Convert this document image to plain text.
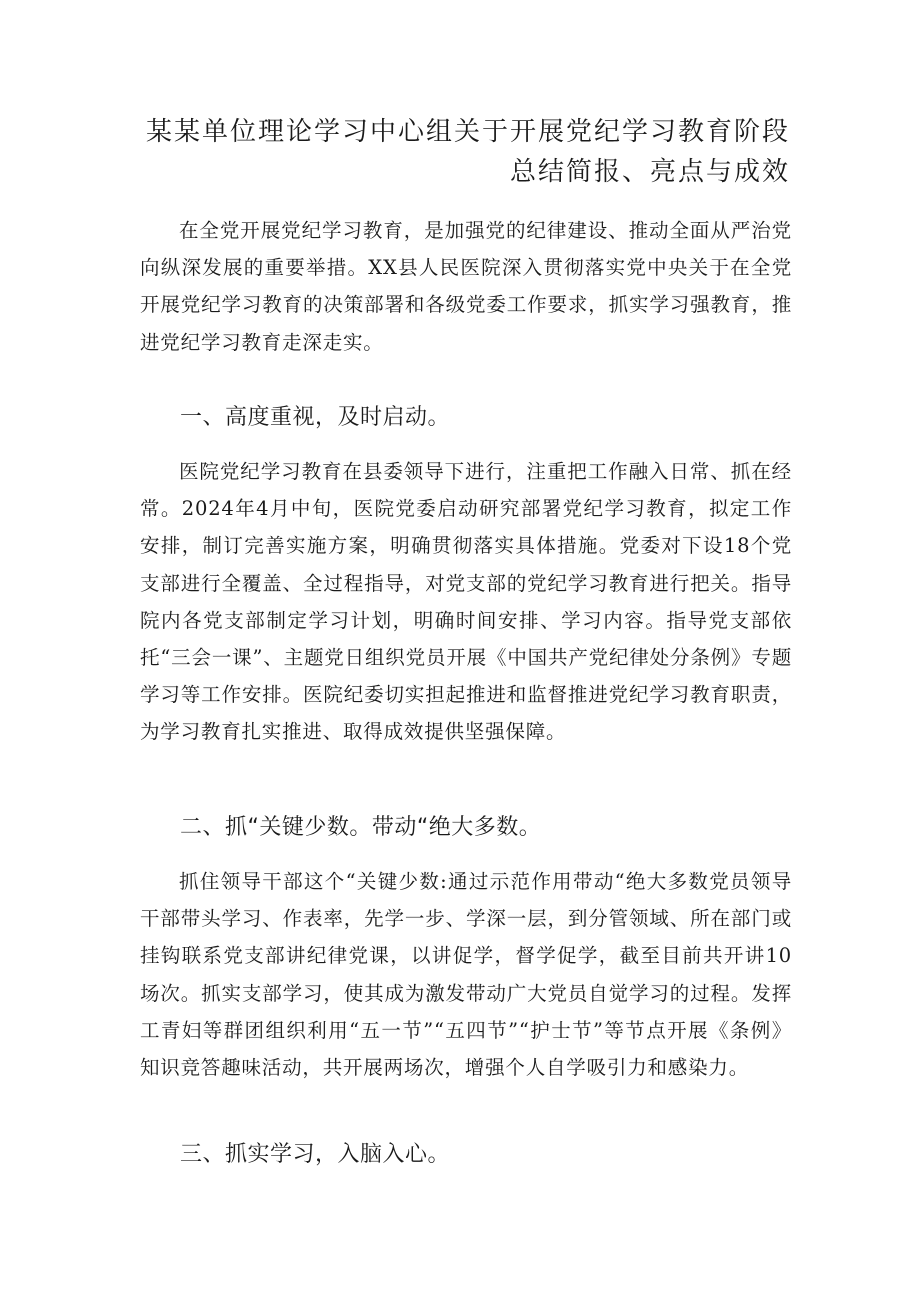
某某单位理论学习中心组关于开展党纪学习教育阶段总结简报、亮点与成效

在全党开展党纪学习教育，是加强党的纪律建设、推动全面从严治党向纵深发展的重要举措。XX县人民医院深入贯彻落实党中央关于在全党开展党纪学习教育的决策部署和各级党委工作要求，抓实学习强教育，推进党纪学习教育走深走实。

一、高度重视，及时启动。

医院党纪学习教育在县委领导下进行，注重把工作融入日常、抓在经常。2024年4月中旬，医院党委启动研究部署党纪学习教育，拟定工作安排，制订完善实施方案，明确贯彻落实具体措施。党委对下设18个党支部进行全覆盖、全过程指导，对党支部的党纪学习教育进行把关。指导院内各党支部制定学习计划，明确时间安排、学习内容。指导党支部依托“三会一课”、主题党日组织党员开展《中国共产党纪律处分条例》专题学习等工作安排。医院纪委切实担起推进和监督推进党纪学习教育职责，为学习教育扎实推进、取得成效提供坚强保障。

二、抓“关键少数。带动“绝大多数。

抓住领导干部这个“关键少数:通过示范作用带动“绝大多数党员领导干部带头学习、作表率，先学一步、学深一层，到分管领域、所在部门或挂钩联系党支部讲纪律党课，以讲促学，督学促学，截至目前共开讲10场次。抓实支部学习，使其成为激发带动广大党员自觉学习的过程。发挥工青妇等群团组织利用“五一节”“五四节”“护士节”等节点开展《条例》知识竞答趣味活动，共开展两场次，增强个人自学吸引力和感染力。

三、抓实学习，入脑入心。
